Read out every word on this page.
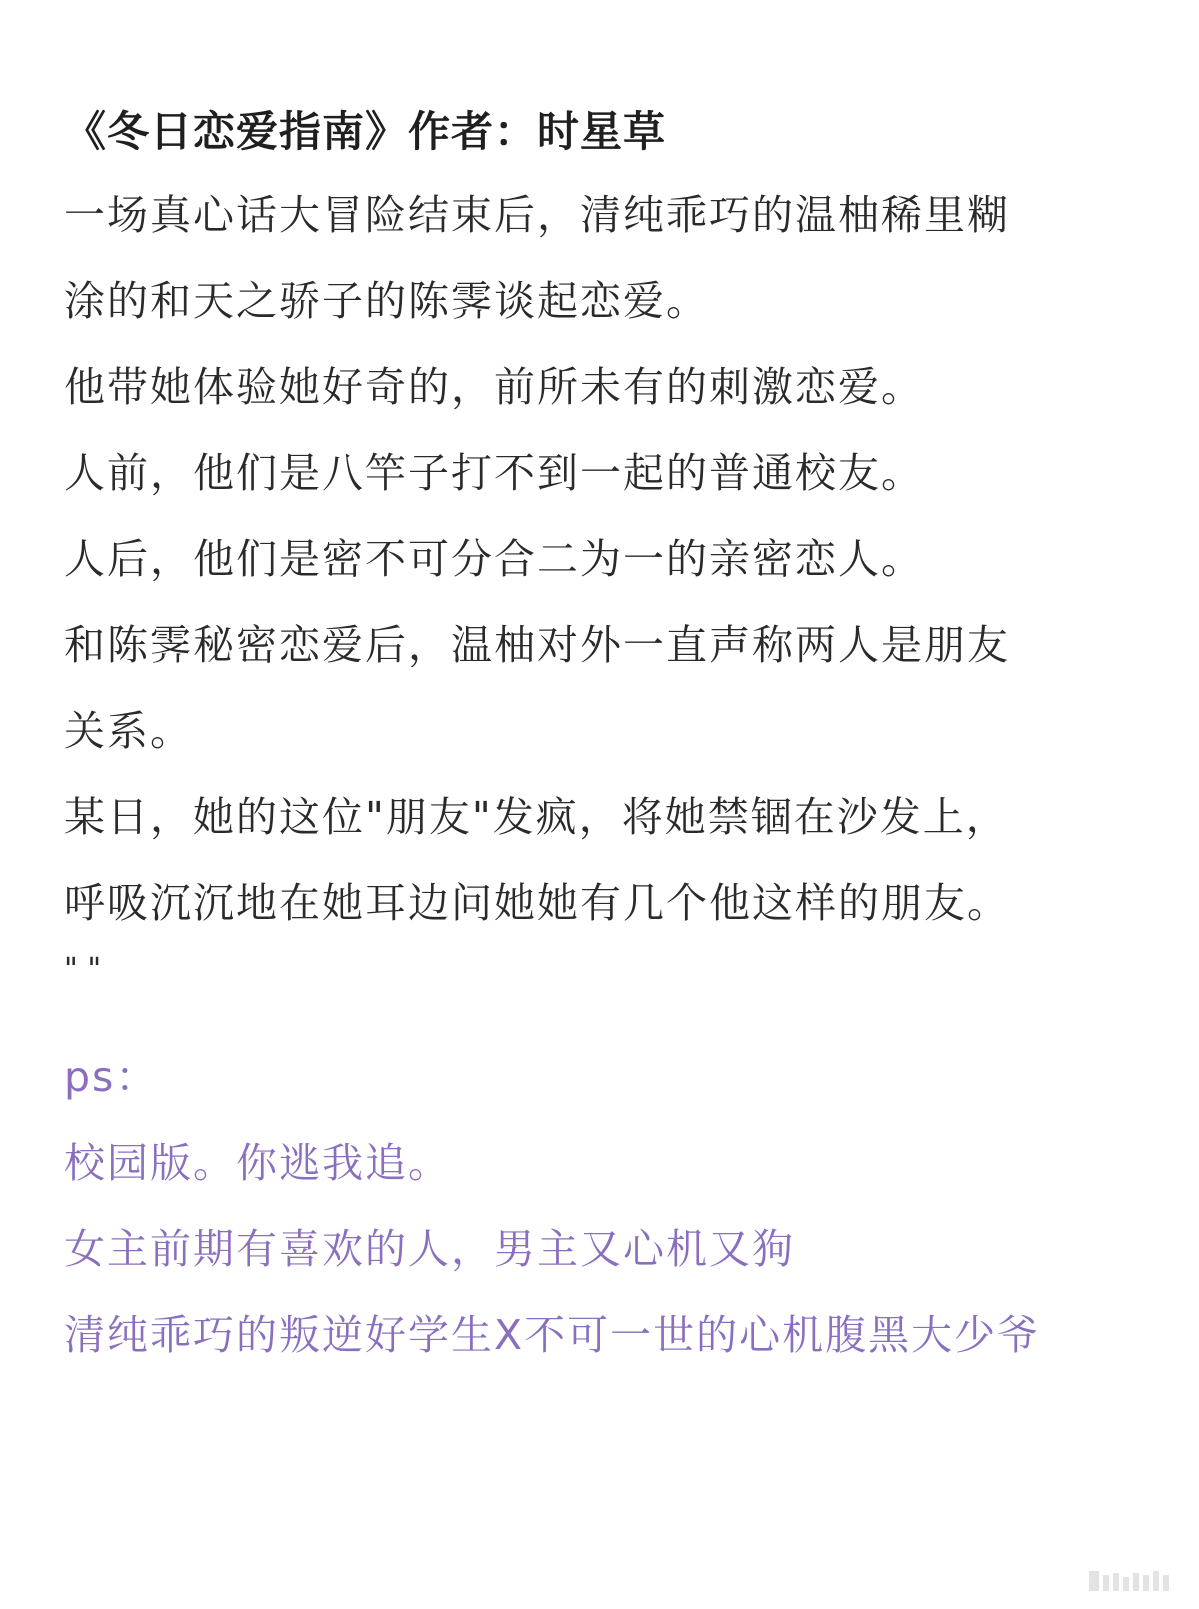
《冬日恋爱指南》作者：时星草

一场真心话大冒险结束后，清纯乖巧的温柚稀里糊

涂的和天之骄子的陈霁谈起恋爱。

他带她体验她好奇的，前所未有的刺激恋爱。

人前，他们是八竿子打不到一起的普通校友。

人后，他们是密不可分合二为一的亲密恋人。

和陈霁秘密恋爱后，温柚对外一直声称两人是朋友

关系。

某日，她的这位"朋友"发疯，将她禁锢在沙发上，

呼吸沉沉地在她耳边问她她有几个他这样的朋友。

" "

ps：

校园版。你逃我追。

女主前期有喜欢的人，男主又心机又狗

清纯乖巧的叛逆好学生X不可一世的心机腹黑大少爷
